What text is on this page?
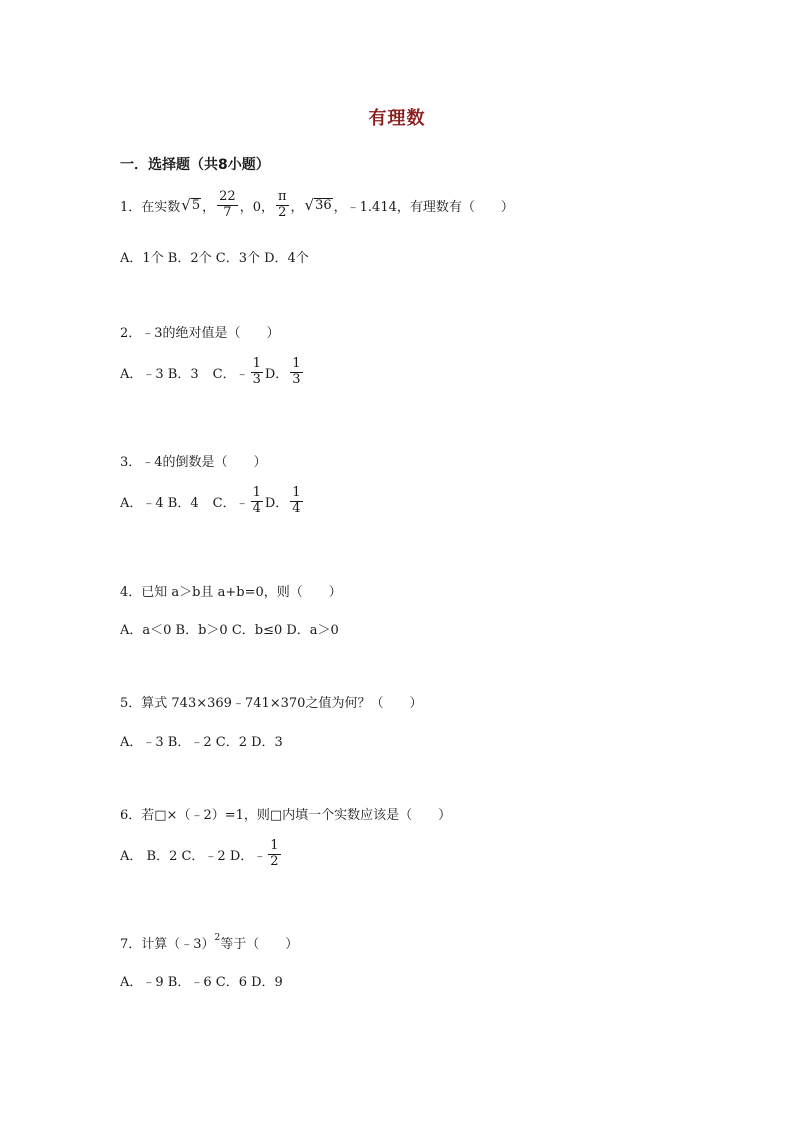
有理数
一．选择题（共8小题）
1．在实数 √ 5 ， $\frac{22}{7}$ ，0， $\frac{\pi}{2}$ ， √ 36 ，﹣1.414，有理数有（　　）
A．1个 B．2个 C．3个 D．4个
2．﹣3的绝对值是（　　）
A．﹣3 B．3 C．﹣ $\frac{1}{3}$ D． $\frac{1}{3}$
3．﹣4的倒数是（　　）
A．﹣4 B．4 C．﹣ $\frac{1}{4}$ D． $\frac{1}{4}$
4．已知 a＞b且 a+b=0，则（　　）
A．a＜0 B．b＞0 C．b≤0 D．a＞0
5．算式 743×369﹣741×370之值为何？（　　）
A．﹣3 B．﹣2 C．2 D．3
6．若□×（﹣2）=1，则□内填一个实数应该是（　　）
A． B．2 C．﹣2 D．﹣ $\frac{1}{2}$
7．计算（﹣3） 2 等于（　　）
A．﹣9 B．﹣6 C．6 D．9
